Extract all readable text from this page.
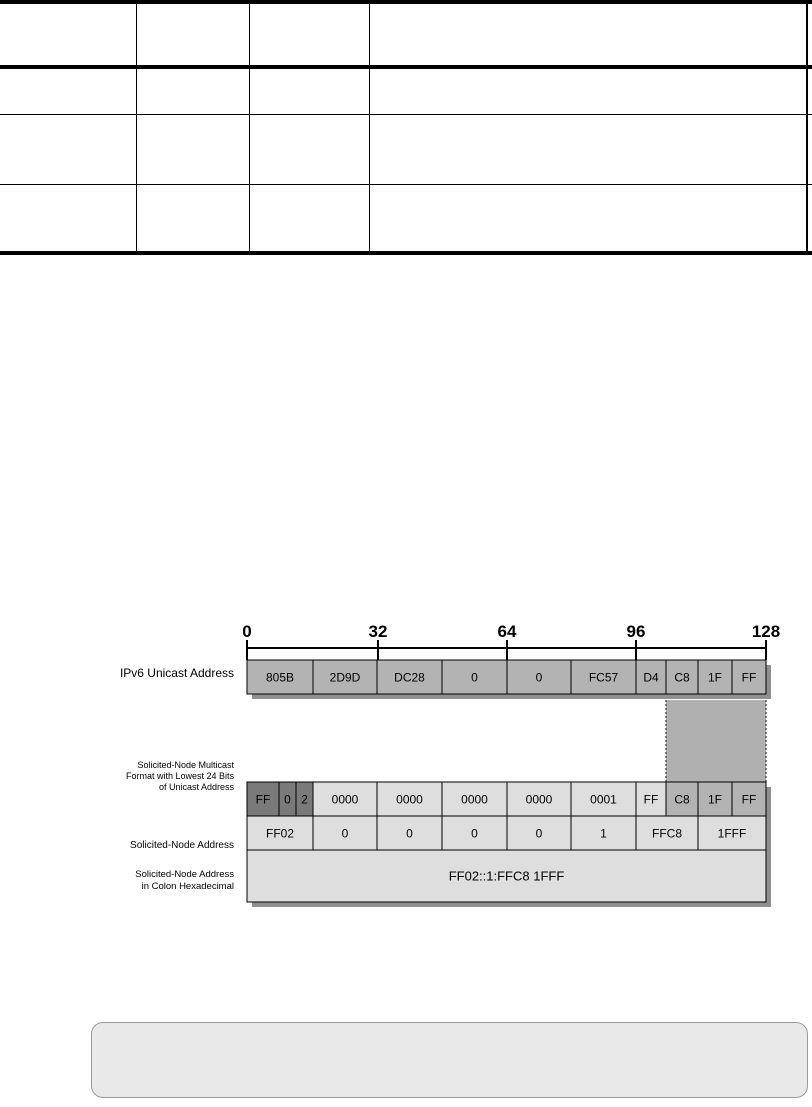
0	32	64	96	128
805B	2D9D	DC28	0	0	FC57 D4 C8 1F FF
FF 0 2 0000	0000	0000	0000	0001 FF C8 1F FF
FF02	0	0	0	0	1	FFC8	1FFF
FF02::1:FFC8 1FFF
IPv6 Unicast Address
Solicited-Node Multicast
Format with Lowest 24 Bits
of Unicast Address
Solicited-Node Address
Solicited-Node Address
in Colon Hexadecimal
